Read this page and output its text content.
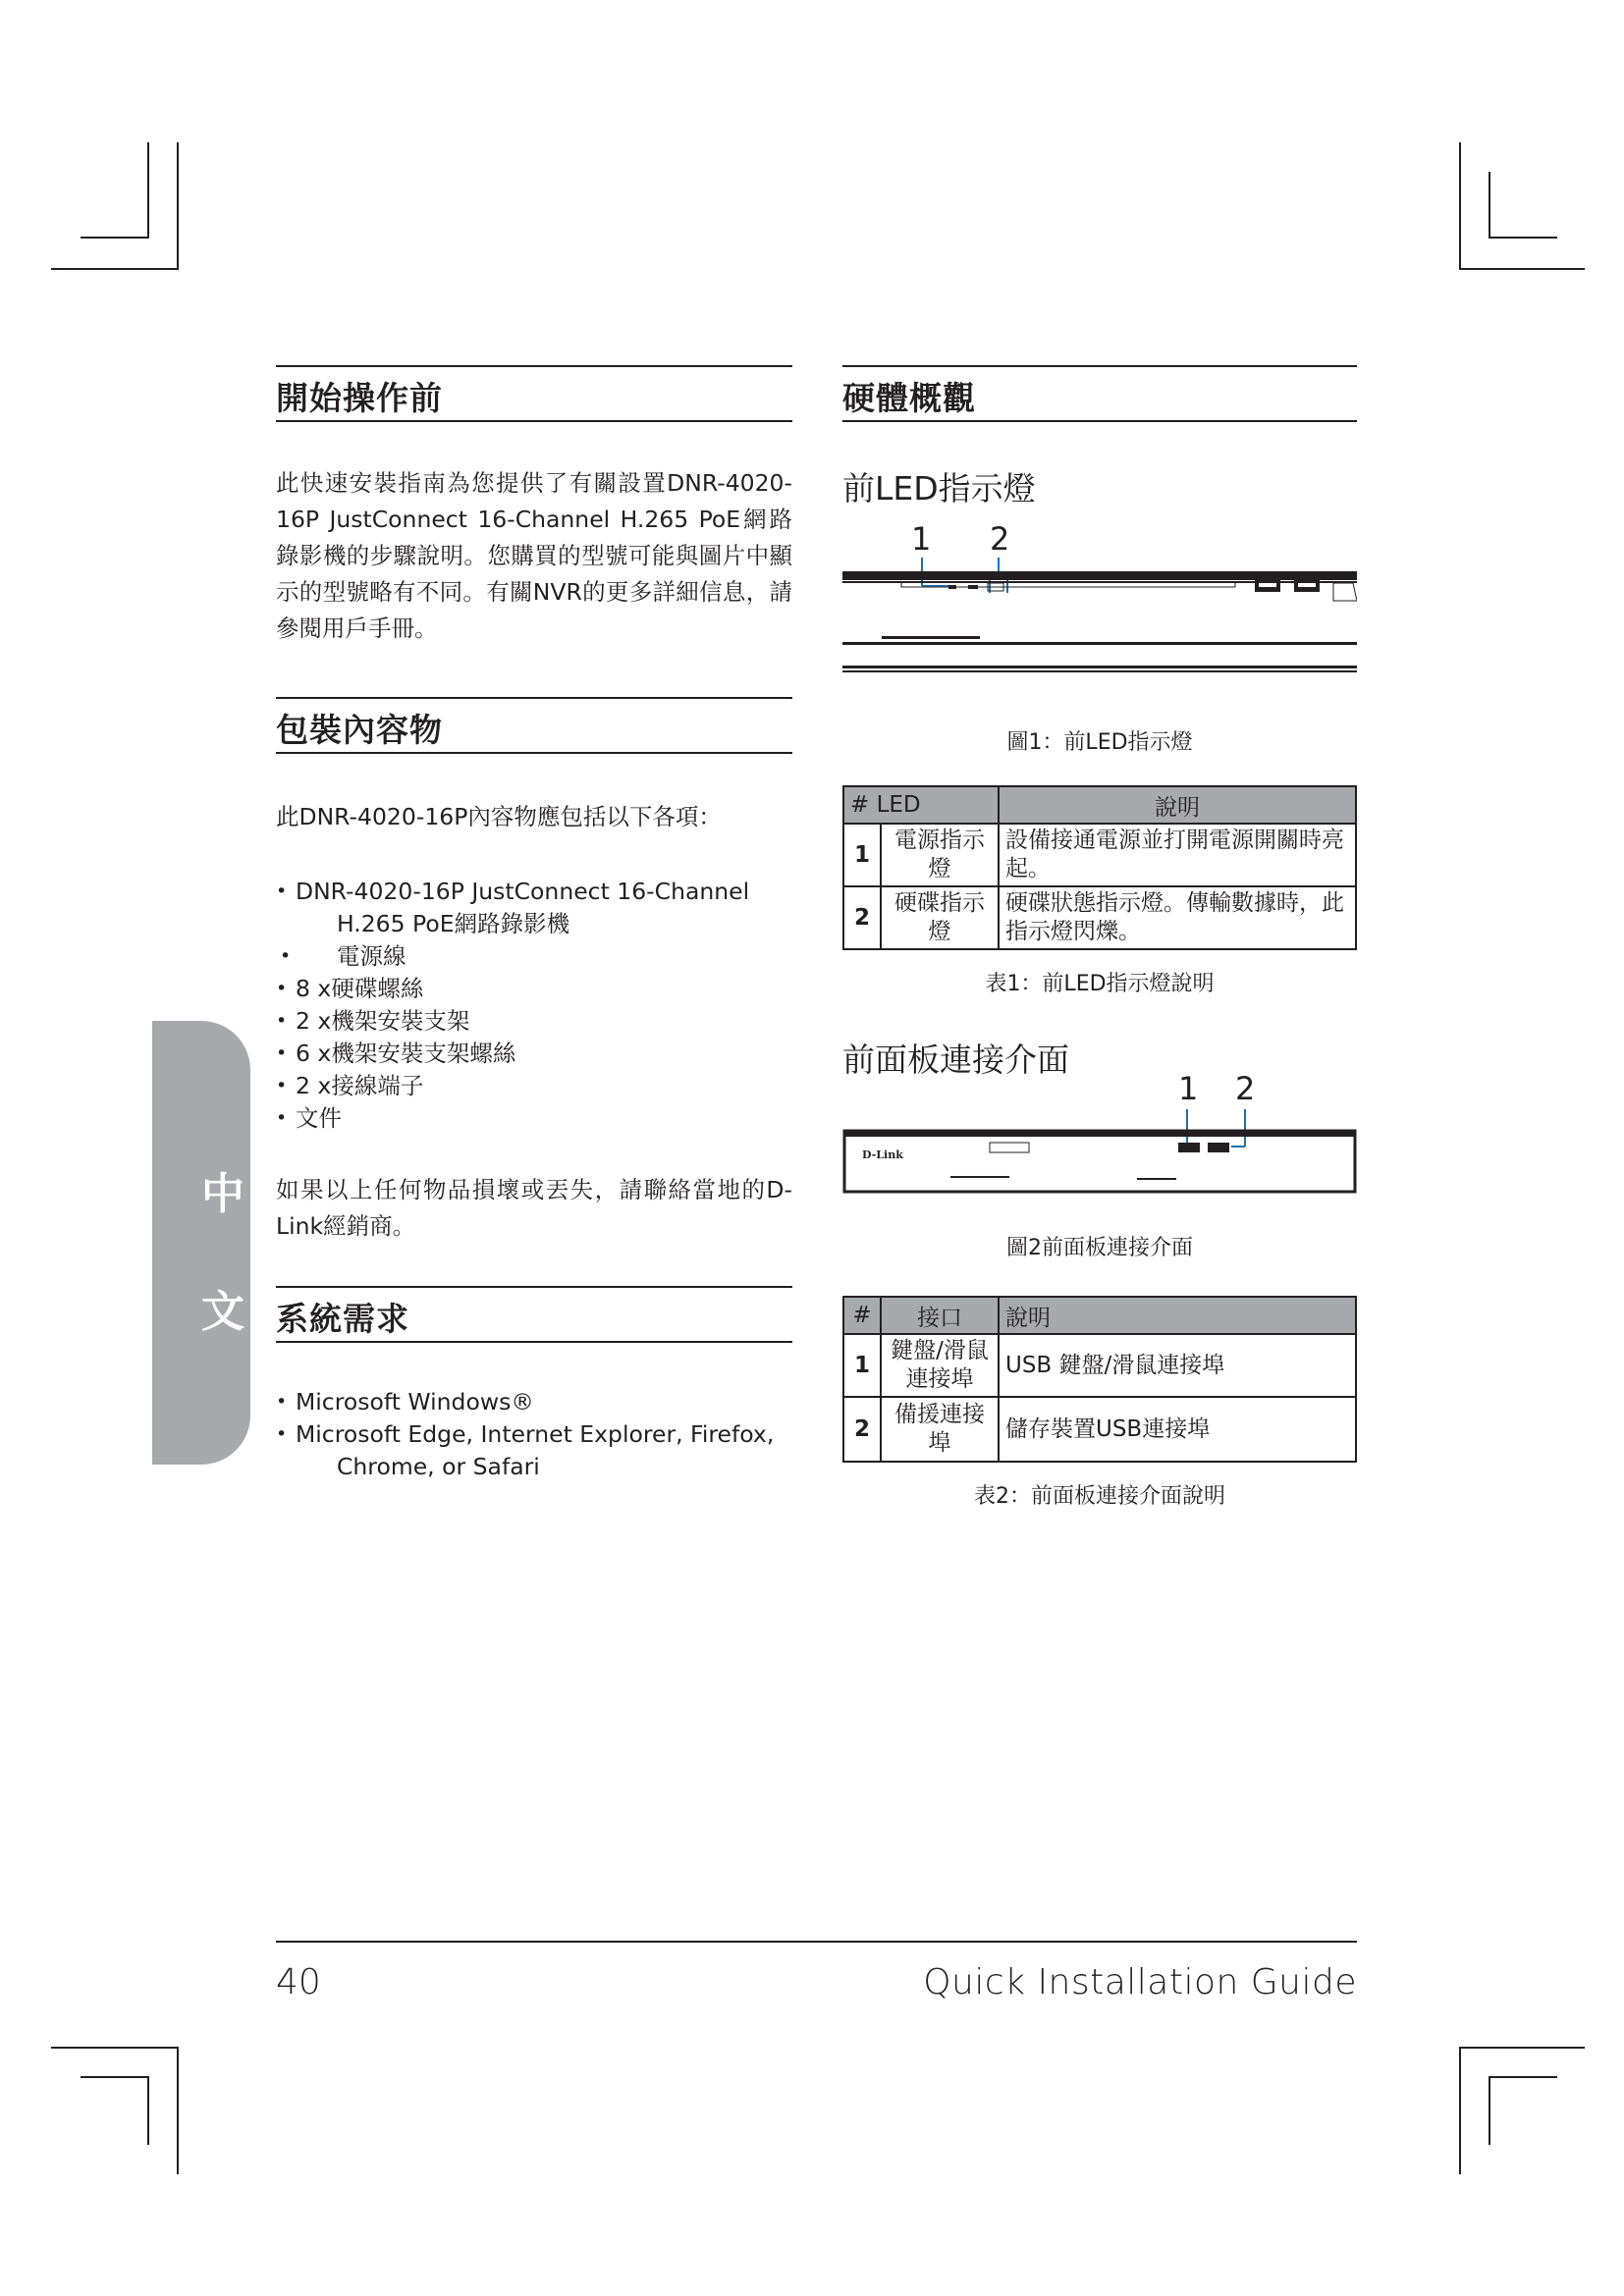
中
文
開始操作前

此快速安裝指南為您提供了有關設置DNR-4020-16P JustConnect 16-Channel H.265 PoE網路錄影機的步驟說明。您購買的型號可能與圖片中顯示的型號略有不同。有關NVR的更多詳細信息，請參閱用戶手冊。

包裝內容物

此DNR-4020-16P內容物應包括以下各項：

• DNR-4020-16P JustConnect 16-Channel
H.265 PoE網路錄影機
• 電源線
• 8 x硬碟螺絲
• 2 x機架安裝支架
• 6 x機架安裝支架螺絲
• 2 x接線端子
• 文件

如果以上任何物品損壞或丟失，請聯絡當地的D-Link經銷商。

系統需求
• Microsoft Windows®
• Microsoft Edge, Internet Explorer, Firefox,
Chrome, or Safari
硬體概觀
前LED指示燈
1 2
圖1：前LED指示燈
# LED		說明
1	電源指示燈	設備接通電源並打開電源開關時亮起。
2	硬碟指示燈	硬碟狀態指示燈。傳輸數據時，此指示燈閃爍。
表1：前LED指示燈說明
前面板連接介面
1 2
D-Link
圖2前面板連接介面
#	接口	說明
1	鍵盤/滑鼠連接埠	USB 鍵盤/滑鼠連接埠
2	備援連接埠	儲存裝置USB連接埠
表2：前面板連接介面說明
40	Quick Installation Guide
